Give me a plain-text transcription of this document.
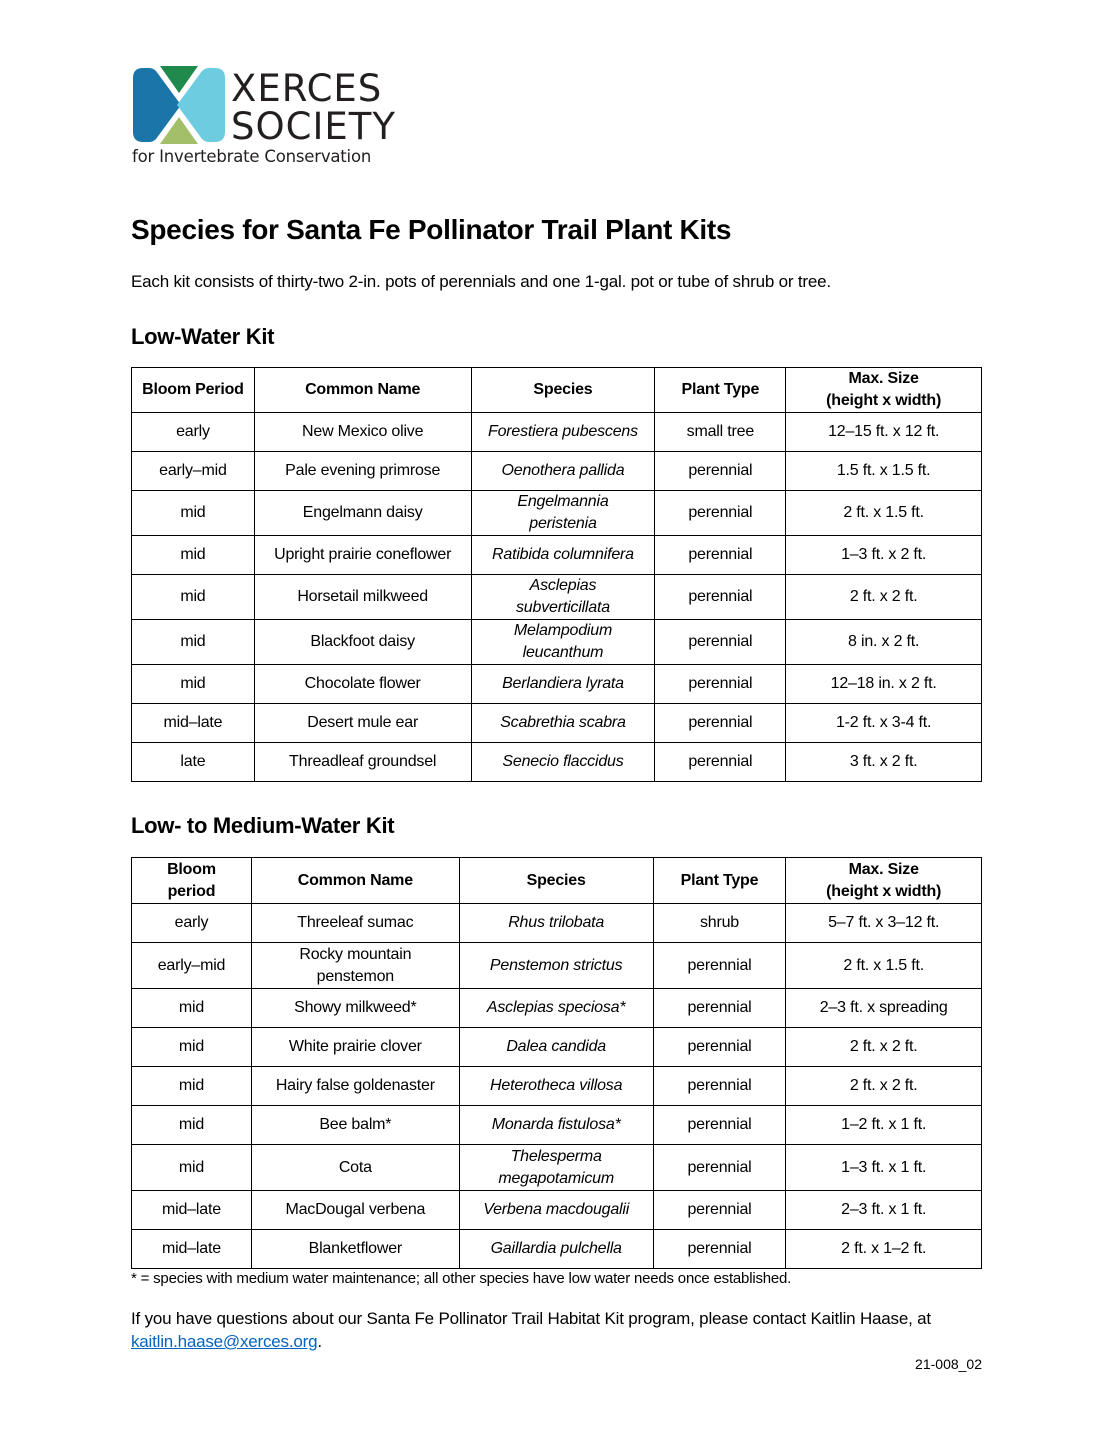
XERCES
SOCIETY
for Invertebrate Conservation
Species for Santa Fe Pollinator Trail Plant Kits

Each kit consists of thirty-two 2-in. pots of perennials and one 1-gal. pot or tube of shrub or tree.

Low-Water Kit
Bloom Period	Common Name	Species	Plant Type	Max. Size
(height x width)
early	New Mexico olive	Forestiera pubescens	small tree	12–15 ft. x 12 ft.
early–mid	Pale evening primrose	Oenothera pallida	perennial	1.5 ft. x 1.5 ft.
mid	Engelmann daisy	Engelmannia peristenia	perennial	2 ft. x 1.5 ft.
mid	Upright prairie coneflower	Ratibida columnifera	perennial	1–3 ft. x 2 ft.
mid	Horsetail milkweed	Asclepias subverticillata	perennial	2 ft. x 2 ft.
mid	Blackfoot daisy	Melampodium leucanthum	perennial	8 in. x 2 ft.
mid	Chocolate flower	Berlandiera lyrata	perennial	12–18 in. x 2 ft.
mid–late	Desert mule ear	Scabrethia scabra	perennial	1-2 ft. x 3-4 ft.
late	Threadleaf groundsel	Senecio flaccidus	perennial	3 ft. x 2 ft.
Low- to Medium-Water Kit
Bloom period	Common Name	Species	Plant Type	Max. Size
(height x width)
early	Threeleaf sumac	Rhus trilobata	shrub	5–7 ft. x 3–12 ft.
early–mid	Rocky mountain penstemon	Penstemon strictus	perennial	2 ft. x 1.5 ft.
mid	Showy milkweed*	Asclepias speciosa*	perennial	2–3 ft. x spreading
mid	White prairie clover	Dalea candida	perennial	2 ft. x 2 ft.
mid	Hairy false goldenaster	Heterotheca villosa	perennial	2 ft. x 2 ft.
mid	Bee balm*	Monarda fistulosa*	perennial	1–2 ft. x 1 ft.
mid	Cota	Thelesperma megapotamicum	perennial	1–3 ft. x 1 ft.
mid–late	MacDougal verbena	Verbena macdougalii	perennial	2–3 ft. x 1 ft.
mid–late	Blanketflower	Gaillardia pulchella	perennial	2 ft. x 1–2 ft.

* = species with medium water maintenance; all other species have low water needs once established.

If you have questions about our Santa Fe Pollinator Trail Habitat Kit program, please contact Kaitlin Haase, at kaitlin.haase@xerces.org.

21-008_02
